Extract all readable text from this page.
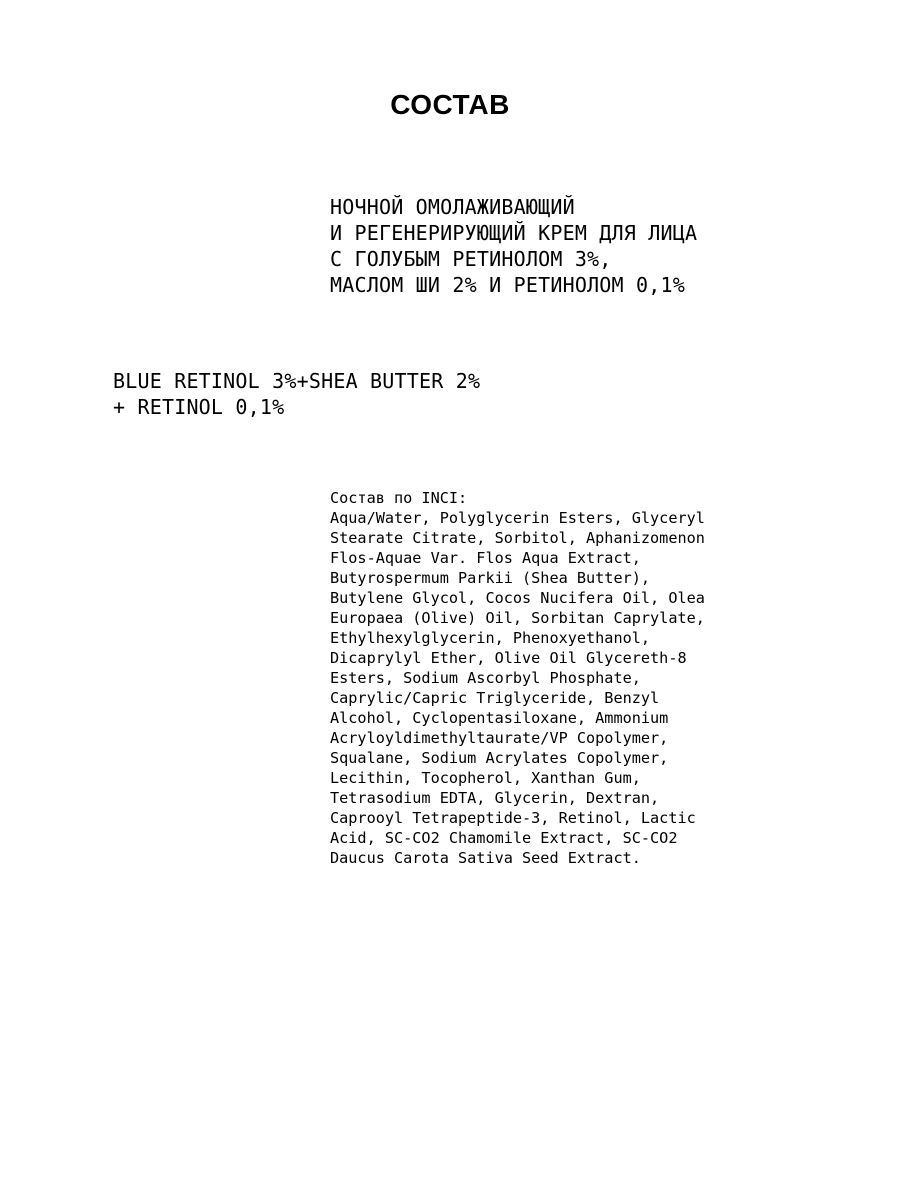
СОСТАВ
НОЧНОЙ ОМОЛАЖИВАЮЩИЙ
И РЕГЕНЕРИРУЮЩИЙ КРЕМ ДЛЯ ЛИЦА
С ГОЛУБЫМ РЕТИНОЛОМ 3%,
МАСЛОМ ШИ 2% И РЕТИНОЛОМ 0,1%
BLUE RETINOL 3%+SHEA BUTTER 2%
+ RETINOL 0,1%
Состав по INCI:
Aqua/Water, Polyglycerin Esters, Glyceryl
Stearate Citrate, Sorbitol, Aphanizomenon
Flos-Aquae Var. Flos Aqua Extract,
Butyrospermum Parkii (Shea Butter),
Butylene Glycol, Cocos Nucifera Oil, Olea
Europaea (Olive) Oil, Sorbitan Caprylate,
Ethylhexylglycerin, Phenoxyethanol,
Dicaprylyl Ether, Olive Oil Glycereth-8
Esters, Sodium Ascorbyl Phosphate,
Caprylic/Capric Triglyceride, Benzyl
Alcohol, Cyclopentasiloxane, Ammonium
Acryloyldimethyltaurate/VP Copolymer,
Squalane, Sodium Acrylates Copolymer,
Lecithin, Tocopherol, Xanthan Gum,
Tetrasodium EDTA, Glycerin, Dextran,
Caprooyl Tetrapeptide-3, Retinol, Lactic
Acid, SC-CO2 Chamomile Extract, SC-CO2
Daucus Carota Sativa Seed Extract.
